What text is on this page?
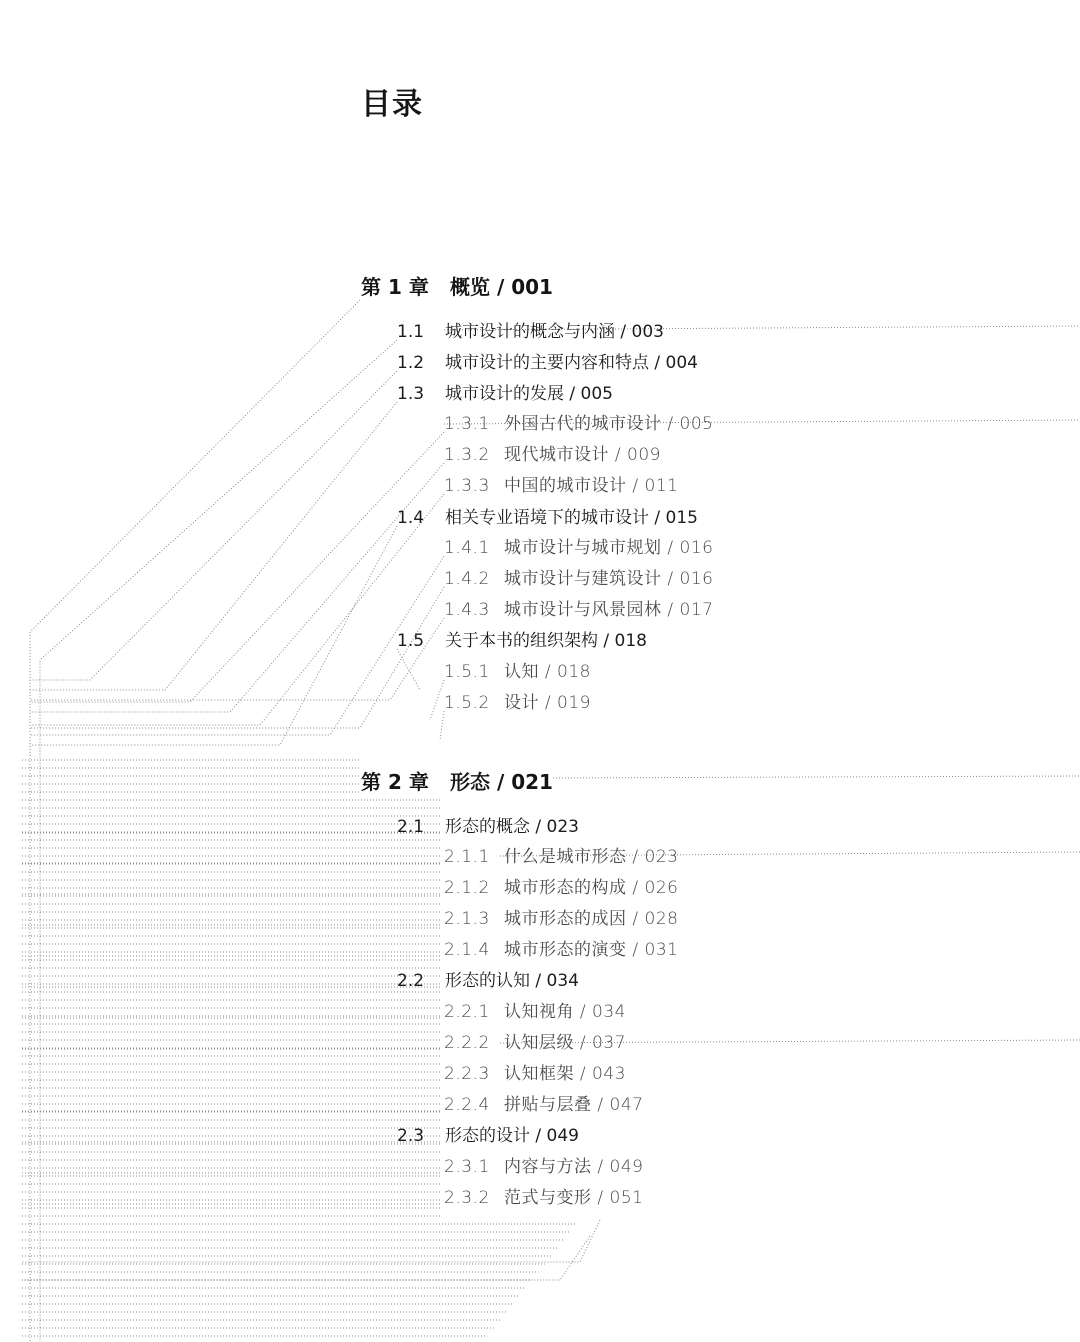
目录
第 1 章 概览 / 001
1.1 城市设计的概念与内涵 / 003
1.2 城市设计的主要内容和特点 / 004
1.3 城市设计的发展 / 005
1.3.1 外国古代的城市设计 / 005
1.3.2 现代城市设计 / 009
1.3.3 中国的城市设计 / 011
1.4 相关专业语境下的城市设计 / 015
1.4.1 城市设计与城市规划 / 016
1.4.2 城市设计与建筑设计 / 016
1.4.3 城市设计与风景园林 / 017
1.5 关于本书的组织架构 / 018
1.5.1 认知 / 018
1.5.2 设计 / 019
第 2 章 形态 / 021
2.1 形态的概念 / 023
2.1.1 什么是城市形态 / 023
2.1.2 城市形态的构成 / 026
2.1.3 城市形态的成因 / 028
2.1.4 城市形态的演变 / 031
2.2 形态的认知 / 034
2.2.1 认知视角 / 034
2.2.2 认知层级 / 037
2.2.3 认知框架 / 043
2.2.4 拼贴与层叠 / 047
2.3 形态的设计 / 049
2.3.1 内容与方法 / 049
2.3.2 范式与变形 / 051
